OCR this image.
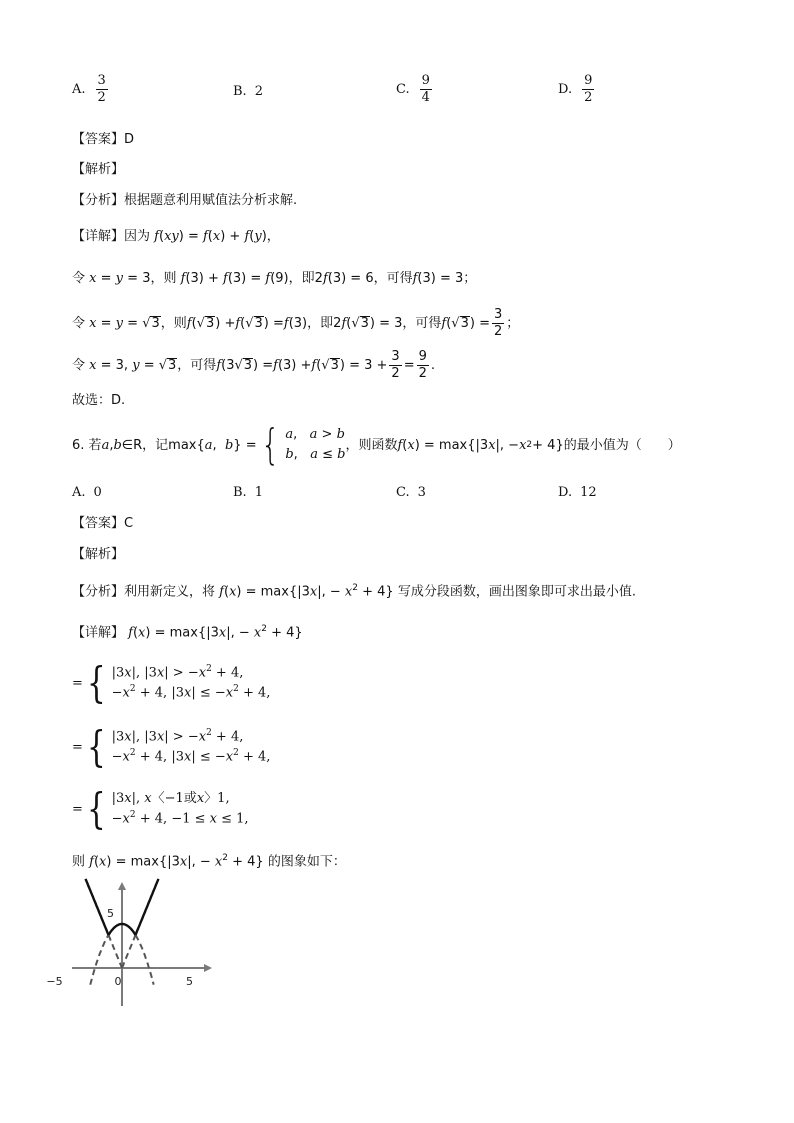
A. $\frac{3}{2}$	B. 2	C. $\frac{9}{4}$	D. $\frac{9}{2}$
【答案】D
【解析】
【分析】根据题意利用赋值法分析求解.
【详解】因为 f(xy) = f(x) + f(y)，
令 x = y = 3，则 f(3) + f(3) = f(9)，即2f(3) = 6，可得f(3) = 3；
令
x = y = √ 3 ，则 f (√ 3 ) + f (√ 3 ) = f (3) ，即 2 f (√ 3 ) = 3 ，可得 f (√ 3 ) = $\frac{3}{2}$ ；
令
x = 3, y = √ 3 ，可得 f (3√ 3 ) = f (3) + f (√ 3 ) = $3 + \frac{3}{2} = \frac{9}{2}$ .
故选：D.
6.
若 a , b ∈R ，记 max{ a , b } = { a,   a > b
b,   a ≤ b
，则函数 f ( x ) = max{|3 x |, − x 2 + 4} 的最小值为（　　）
A. 0	B. 1	C. 3	D. 12
【答案】C
【解析】
【分析】利用新定义，将 f(x) = max{|3x|, − $x^2 + 4$} 写成分段函数，画出图象即可求出最小值.
【详解】 f(x) = max{|3x|, − $x^2 + 4$}
= { |3x|, $|3x| > -x^2 + 4$,
$-x^2 + 4$, $|3x| \le -x^2 + 4$,
= { |3x|, $|3x| > -x^2 + 4$,
$-x^2 + 4$, $|3x| \le -x^2 + 4$,
= { |3x|, x〈−1或x〉1,
$-x^2 + 4$, −1 ≤ x ≤ 1,
则 f(x) = max{|3x|, − $x^2 + 4$} 的图象如下：
−5	0	5
5
